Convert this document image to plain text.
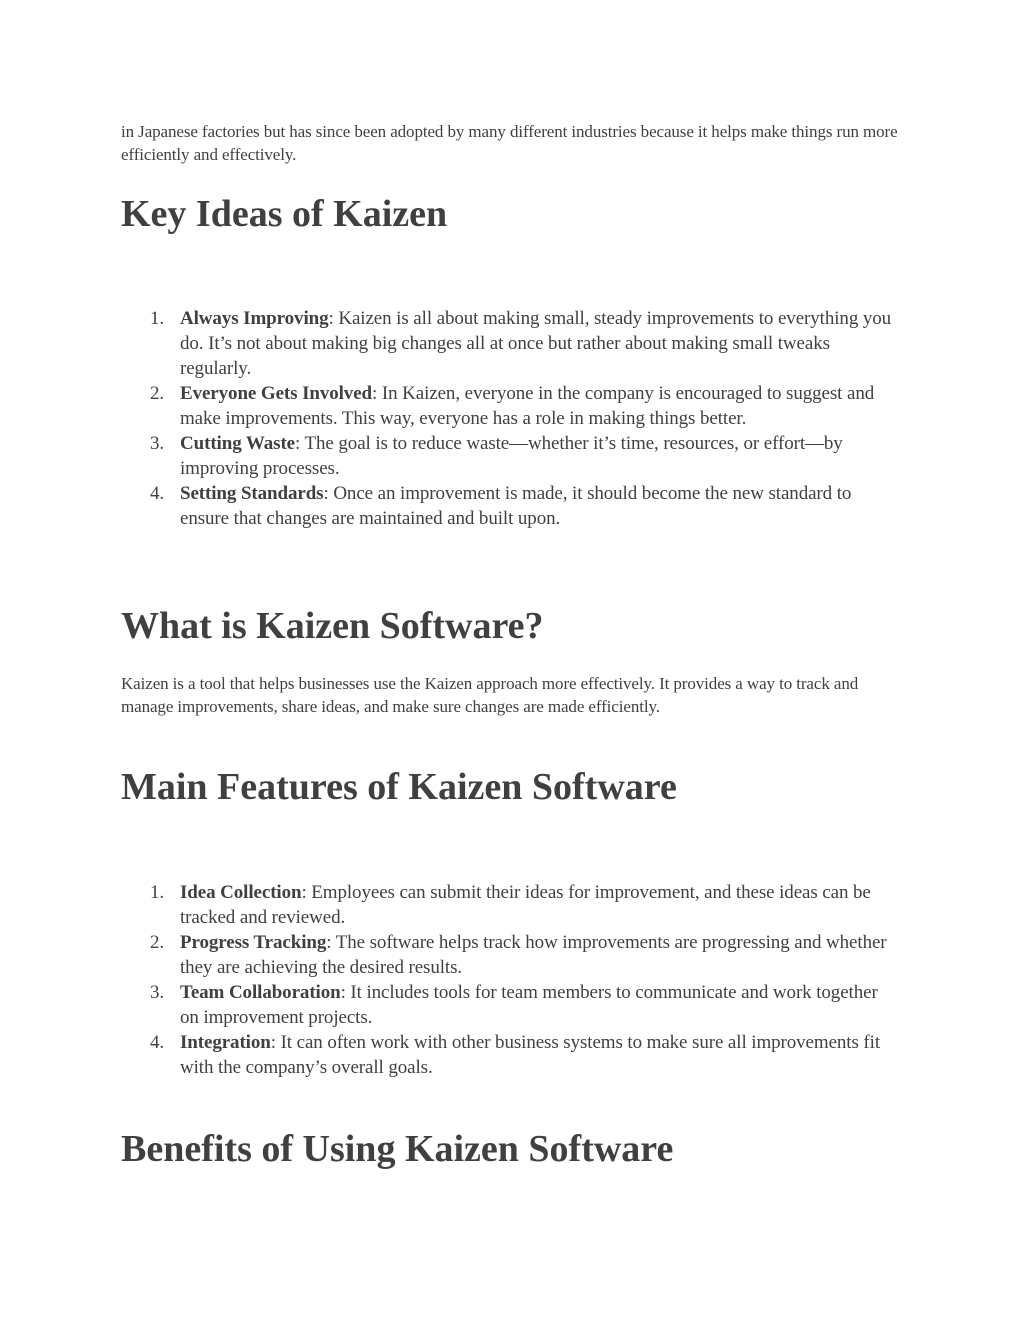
in Japanese factories but has since been adopted by many different industries because it helps make things run more efficiently and effectively.

Key Ideas of Kaizen
1. Always Improving: Kaizen is all about making small, steady improvements to everything you do. It’s not about making big changes all at once but rather about making small tweaks regularly.
2. Everyone Gets Involved: In Kaizen, everyone in the company is encouraged to suggest and make improvements. This way, everyone has a role in making things better.
3. Cutting Waste: The goal is to reduce waste—whether it’s time, resources, or effort—by improving processes.
4. Setting Standards: Once an improvement is made, it should become the new standard to ensure that changes are maintained and built upon.
What is Kaizen Software?

Kaizen is a tool that helps businesses use the Kaizen approach more effectively. It provides a way to track and manage improvements, share ideas, and make sure changes are made efficiently.

Main Features of Kaizen Software
1. Idea Collection: Employees can submit their ideas for improvement, and these ideas can be tracked and reviewed.
2. Progress Tracking: The software helps track how improvements are progressing and whether they are achieving the desired results.
3. Team Collaboration: It includes tools for team members to communicate and work together on improvement projects.
4. Integration: It can often work with other business systems to make sure all improvements fit with the company’s overall goals.
Benefits of Using Kaizen Software
